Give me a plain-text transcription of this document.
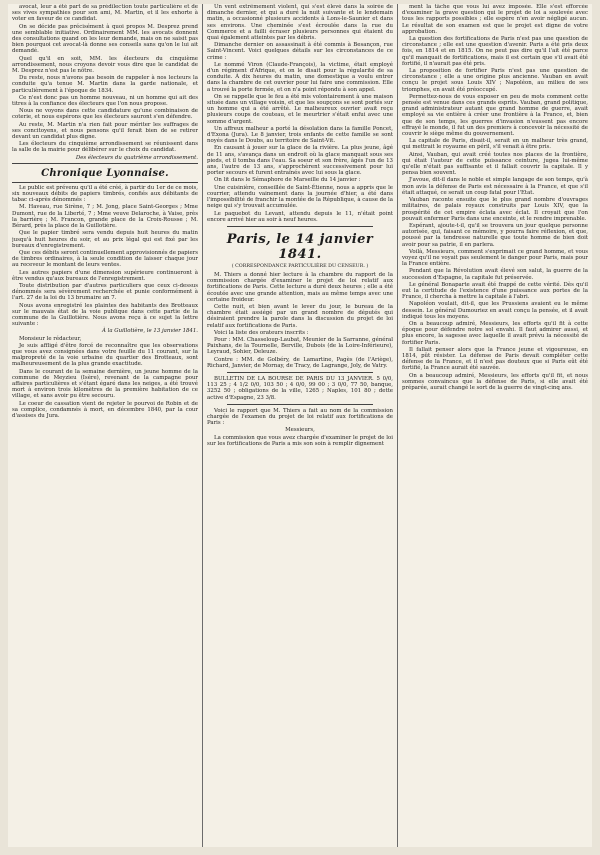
avocat, leur a été part de sa prédilection toute particulière et de ses vives sympathies pour son ami, M. Martin, et il les exhorte à voter en faveur de ce candidat.

On se décide pas précisément à quoi propos M. Desprez prend une semblable initiative. Ordinairement MM. les avocats donnent des consultations quand on les leur demande, mais on ne saisit pas bien pourquoi cet avocat-là donne ses conseils sans qu'on le lui ait demandé.

Quel qu'il en soit, MM. les électeurs du cinquième arrondissement, nous croyons devoir vous dire que le candidat de M. Desprez n'est pas le nôtre.

Du reste, nous n'avons pas besoin de rappeler à nos lecteurs la conduite qu'a tenue M. Martin dans la garde nationale, et particulièrement à l'époque de 1834.

Ce n'est donc pas un homme nouveau, ni un homme qui ait des titres à la confiance des électeurs que l'on nous propose.

Nous ne voyons dans cette candidature qu'une combinaison de coterie, et nous espérons que les électeurs sauront s'en défendre.

Au reste, M. Martin n'a rien fait pour mériter les suffrages de ses concitoyens, et nous pensons qu'il ferait bien de se retirer devant un candidat plus digne.

Les électeurs du cinquième arrondissement se réunissent dans la salle de la mairie pour délibérer sur le choix du candidat.

Des électeurs du quatrième arrondissement.

Chronique Lyonnaise.

Le public est prévenu qu'il a été créé, à partir du 1er de ce mois, six nouveaux débits de papiers timbrés, confiés aux débitants de tabac ci-après dénommés :

M. Haveau, rue Sirène, 7 ; M. Jong, place Saint-Georges ; Mme Dumont, rue de la Liberté, 7 ; Mme veuve Delaroche, à Vaise, près la barrière ; M. Francon, grande place de la Croix-Rousse ; M. Bérard, près la place de la Guillotière.

Que le papier timbré sera vendu depuis huit heures du matin jusqu'à huit heures du soir, et au prix légal qui est fixé par les bureaux d'enregistrement.

Que ces débits seront continuellement approvisionnés de papiers de timbres ordinaires, à la seule condition de laisser chaque jour au receveur le montant de leurs ventes.

Les autres papiers d'une dimension supérieure continueront à être vendus qu'aux bureaux de l'enregistrement.

Toute distribution par d'autres particuliers que ceux ci-dessus dénommés sera sévèrement recherchée et punie conformément à l'art. 27 de la loi du 13 brumaire an 7.

Nous avons enregistré les plaintes des habitants des Brotteaux sur le mauvais état de la voie publique dans cette partie de la commune de la Guillotière. Nous avons reçu à ce sujet la lettre suivante :

À la Guillotière, le 13 janvier 1841.

Monsieur le rédacteur,

Je suis affligé d'être forcé de reconnaître que les observations que vous avez consignées dans votre feuille du 11 courant, sur la malpropreté de la voie urbaine du quartier des Brotteaux, sont malheureusement de la plus grande exactitude.

Dans le courant de la semaine dernière, un jeune homme de la commune de Meyzieu (Isère), revenant de la campagne pour affaires particulières et s'étant égaré dans les neiges, a été trouvé mort à environ trois kilomètres de la première habitation de ce village, et sans avoir pu être secouru.

Le coeur de cassation vient de rejeter le pourvoi de Robin et de sa complice, condamnés à mort, en décembre 1840, par la cour d'assises du Jura.

Un vent extrêmement violent, qui s'est élevé dans la soirée de dimanche dernier, et qui a duré la nuit suivante et le lendemain matin, a occasionné plusieurs accidents à Lons-le-Saunier et dans ses environs. Une cheminée s'est écroulée dans la rue du Commerce et a failli écraser plusieurs personnes qui étaient du quai également atteintes par les débris.

Dimanche dernier on assassinait à été commis à Besançon, rue Saint-Vincent. Voici quelques détails sur les circonstances de ce crime :

Le nommé Viron (Claude-François), la victime, était employé d'un régiment d'Afrique, et on le disait pour la régularité de sa conduite. À dix heures du matin, une domestique a voulu entrer dans la chambre de cet ouvrier pour lui faire une commission. Elle a trouvé la porte fermée, et on n'a point répondu à son appel.

On se rappelle que le feu a été mis volontairement à une maison située dans un village voisin, et que les soupçons se sont portés sur un homme qui a été arrêté. Le malheureux ouvrier avait reçu plusieurs coups de couteau, et le meurtrier s'était enfui avec une somme d'argent.

Un affreux malheur a porté la désolation dans la famille Poncet, d'Exona (Jura). Le 8 janvier, trois enfants de cette famille se sont noyés dans le Doubs, au territoire de Saint-Vit.

En causant à jouer sur la glace de la rivière. La plus jeune, âgé de 11 ans, s'avança dans un endroit où la glace manquait sous ses pieds, et il tomba dans l'eau. Sa soeur et son frère, âgés l'un de 13 ans, l'autre de 13 ans, s'approchèrent successivement pour lui porter secours et furent entraînés avec lui sous la glace.

On lit dans le Sémaphore de Marseille du 14 janvier :

Une cuisinière, conseillée de Saint-Étienne, nous a appris que le courrier, attendu vainement dans la journée d'hier, a été dans l'impossibilité de franchir la montée de la République, à cause de la neige qui s'y trouvait accumulée.

Le paquebot du Levant, attendu depuis le 11, n'était point encore arrivé hier au soir à neuf heures.

Paris, le 14 janvier 1841.
( CORRESPONDANCE PARTICULIÈRE DU CENSEUR. )

M. Thiers a donné hier lecture à la chambre du rapport de la commission chargée d'examiner le projet de loi relatif aux fortifications de Paris. Cette lecture a duré deux heures ; elle a été écoutée avec une grande attention, mais au même temps avec une certaine froideur.

Cette nuit, et bien avant le lever du jour, le bureau de la chambre était assiégé par un grand nombre de députés qui désiraient prendre la parole dans la discussion du projet de loi relatif aux fortifications de Paris.

Voici la liste des orateurs inscrits :

Pour : MM. Chasseloup-Laubat, Meunier de la Sarranne, général Paixhans, de la Tournelle, Berville, Dubois (de la Loire-Inférieure), Leyraud, Sohier, Deleuze.

Contre : MM. de Golbéry, de Lamartine, Pagès (de l'Ariège), Richard, Janvier, de Mornay, de Tracy, de Lagrange, Joly, de Vatry.

BULLETIN DE LA BOURSE DE PARIS DU 13 JANVIER. 5 0/0, 113 25 ; 4 1/2 0/0, 103 50 ; 4 0/0, 99 00 ; 3 0/0, 77 50, banque, 3252 50 ; obligations de la ville, 1265 ; Naples, 101 80 ; dette active d'Espagne, 23 3/8.

Voici le rapport que M. Thiers a fait au nom de la commission chargée de l'examen du projet de loi relatif aux fortifications de Paris :

Messieurs,

La commission que vous avez chargée d'examiner le projet de loi sur les fortifications de Paris a mis son soin à remplir dignement

ment la tâche que vous lui avez imposée. Elle s'est efforcée d'examiner la grave question qui le projet de loi a soulevée avec tous les rapports possibles ; elle espère n'en avoir négligé aucun. Le résultat de son examen est que le projet est digne de votre approbation.

La question des fortifications de Paris n'est pas une question de circonstance ; elle est une question d'avenir. Paris a été pris deux fois, en 1814 et en 1815. On ne peut pas dire qu'il l'ait été parce qu'il manquait de fortifications, mais il est certain que s'il avait été fortifié, il n'aurait pas été pris.

La proposition de fortifier Paris n'est pas une question de circonstance ; elle a une origine plus ancienne. Vauban en avait conçu le projet sous Louis XIV ; Napoléon, au milieu de ses triomphes, en avait été préoccupé.

Permettez-nous de vous exposer en peu de mots comment cette pensée est venue dans ces grands esprits. Vauban, grand politique, grand administrateur autant que grand homme de guerre, avait employé sa vie entière à créer une frontière à la France, et, bien que de son temps, les guerres d'invasion n'eussent pas encore effrayé le monde, il fut un des premiers à concevoir la nécessité de couvrir le siège même du gouvernement.

La capitale de Paris, disait-il, serait en un malheur très grand, qui mettrait le royaume en péril, s'il venait à être pris.

Ainsi, Vauban, qui avait créé toutes nos places de la frontière, qui était l'auteur de cette puissance ceinture, jugea lui-même qu'elle n'était pas suffisante et il fallait couvrir la capitale. Il y pensa bien souvent.

J'avoue, dit-il dans le noble et simple langage de son temps, qu'à mon avis la défense de Paris est nécessaire à la France, et que s'il était attaqué, ce serait un coup fatal pour l'Etat.

Vauban raconte ensuite que le plus grand nombre d'ouvrages militaires, de palais royaux construits par Louis XIV, que la prospérité de cet empire éclata avec éclat. Il croyait que l'on pouvait enfermer Paris dans une enceinte, et le rendre imprenable.

Espérant, ajoute-t-il, qu'il se trouvera un jour quelque personne autorisée, qui, faisant ce mémoire, y pourra faire réflexion, et que, poussé par la tendresse naturelle que toute homme de bien doit avoir pour sa patrie, il en parlera.

Voilà, Messieurs, comment s'exprimait ce grand homme, et vous voyez qu'il ne voyait pas seulement le danger pour Paris, mais pour la France entière.

Pendant que la Révolution avait élevé son salut, la guerre de la succession d'Espagne, la capitale fut préservée.

Le général Bonaparte avait été frappé de cette vérité. Dès qu'il eut la certitude de l'existence d'une puissance aux portes de la France, il chercha à mettre la capitale à l'abri.

Napoléon voulait, dit-il, que les Prussiens avaient eu le même dessein. Le général Dumouriez en avait conçu la pensée, et il avait indiqué tous les moyens.

On a beaucoup admiré, Messieurs, les efforts qu'il fit à cette époque pour défendre notre sol envahi. Il faut admirer aussi, et plus encore, la sagesse avec laquelle il avait prévu la nécessité de fortifier Paris.

Il fallait penser alors que la France jeune et vigoureuse, en 1814, pût résister. La défense de Paris devait compléter cette défense de la France, et il n'est pas douteux que si Paris eût été fortifié, la France aurait été sauvée.

On a beaucoup admiré, Messieurs, les efforts qu'il fit, et nous sommes convaincus que la défense de Paris, si elle avait été préparée, aurait changé le sort de la guerre de vingt-cinq ans.
